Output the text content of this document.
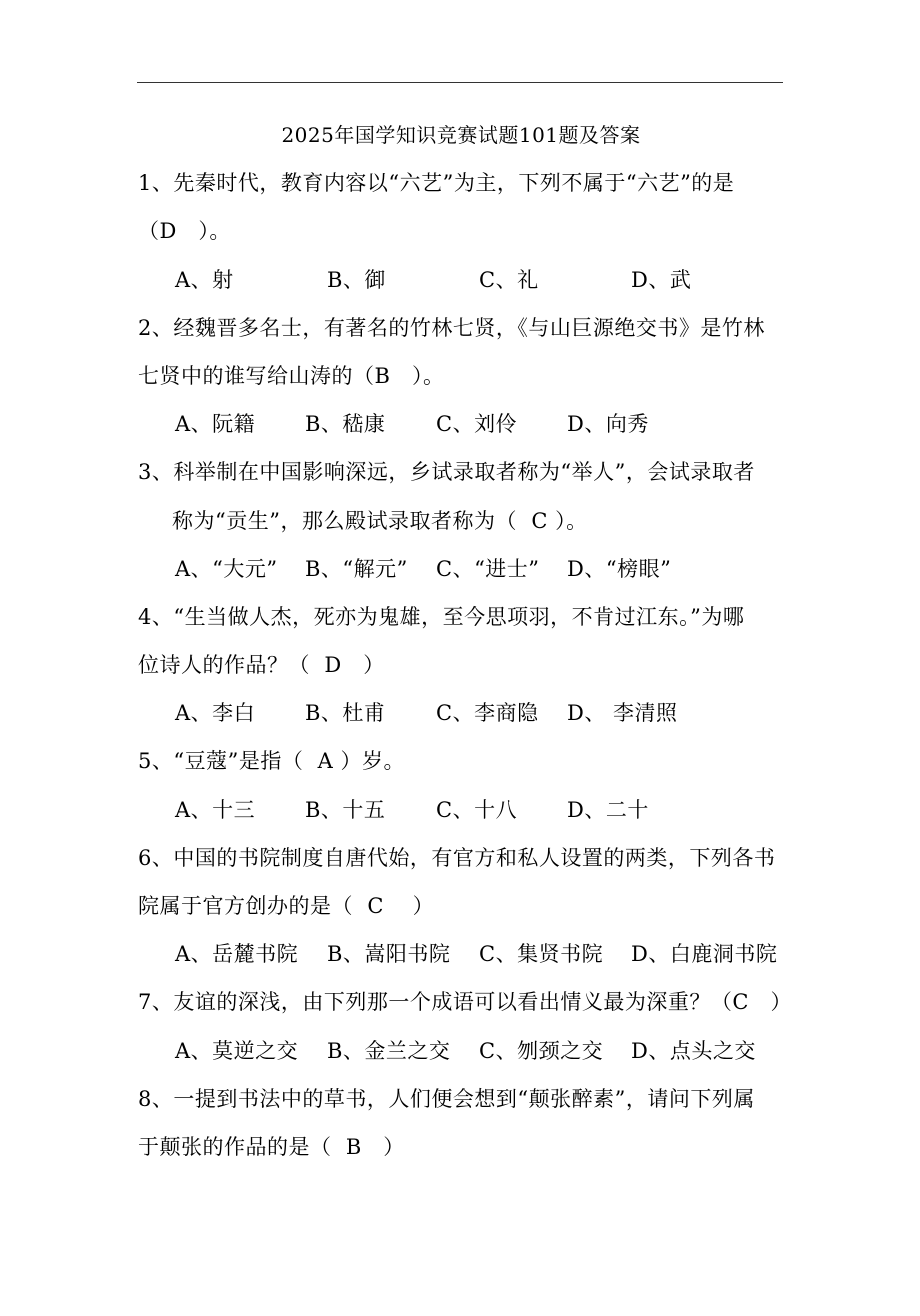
2025年国学知识竞赛试题101题及答案
1、先秦时代，教育内容以“六艺”为主，下列不属于“六艺”的是
（D   ）。

A、射

	B、御

	C、礼

	D、武

2、经魏晋多名士，有著名的竹林七贤，《与山巨源绝交书》是竹林
七贤中的谁写给山涛的（B   ）。

A、阮籍

B、嵇康

C、刘伶

D、向秀

3、科举制在中国影响深远，乡试录取者称为“举人”，会试录取者
称为“贡生”，那么殿试录取者称为（  C ）。

A、“大元”

B、“解元”

C、“进士”

D、“榜眼”

4、“生当做人杰，死亦为鬼雄，至今思项羽，不肯过江东。”为哪
位诗人的作品？（  D   ）

A、李白

B、杜甫

C、李商隐

D、 李清照

5、“豆蔻”是指（  A ）岁。

A、十三

B、十五

C、十八

D、二十

6、中国的书院制度自唐代始，有官方和私人设置的两类，下列各书
院属于官方创办的是（  C    ）

A、岳麓书院

B、嵩阳书院

C、集贤书院

D、白鹿洞书院

7、友谊的深浅，由下列那一个成语可以看出情义最为深重？（C   ）

A、莫逆之交

B、金兰之交

C、刎颈之交

D、点头之交

8、一提到书法中的草书，人们便会想到“颠张醉素”，请问下列属
于颠张的作品的是（  B   ）
